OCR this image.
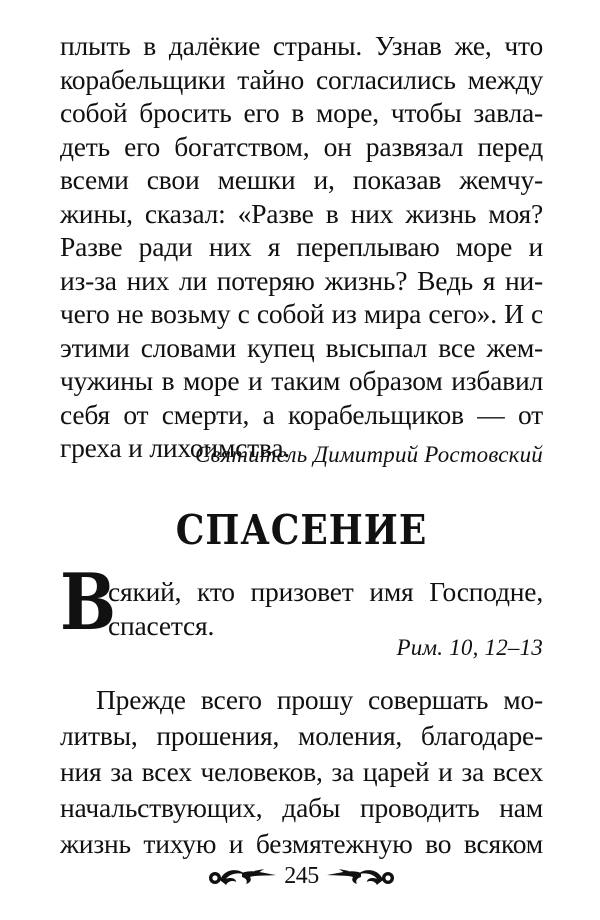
плыть в далёкие страны. Узнав же, что
корабельщики тайно согласились между
собой бросить его в море, чтобы завла-
деть его богатством, он развязал перед
всеми свои мешки и, показав жемчу-
жины, сказал: «Разве в них жизнь моя?
Разве ради них я переплываю море и
из-за них ли потеряю жизнь? Ведь я ни-
чего не возьму с собой из мира сего». И с
этими словами купец высыпал все жем-
чужины в море и таким образом избавил
себя от смерти, а корабельщиков — от
греха и лихоимства.
Святитель Димитрий Ростовский
СПАСЕНИЕ
В
сякий, кто призовет имя Господне,
спасется.
Рим. 10, 12–13
Прежде всего прошу совершать мо-
литвы, прошения, моления, благодаре-
ния за всех человеков, за царей и за всех
начальствующих, дабы проводить нам
жизнь тихую и безмятежную во всяком
245
